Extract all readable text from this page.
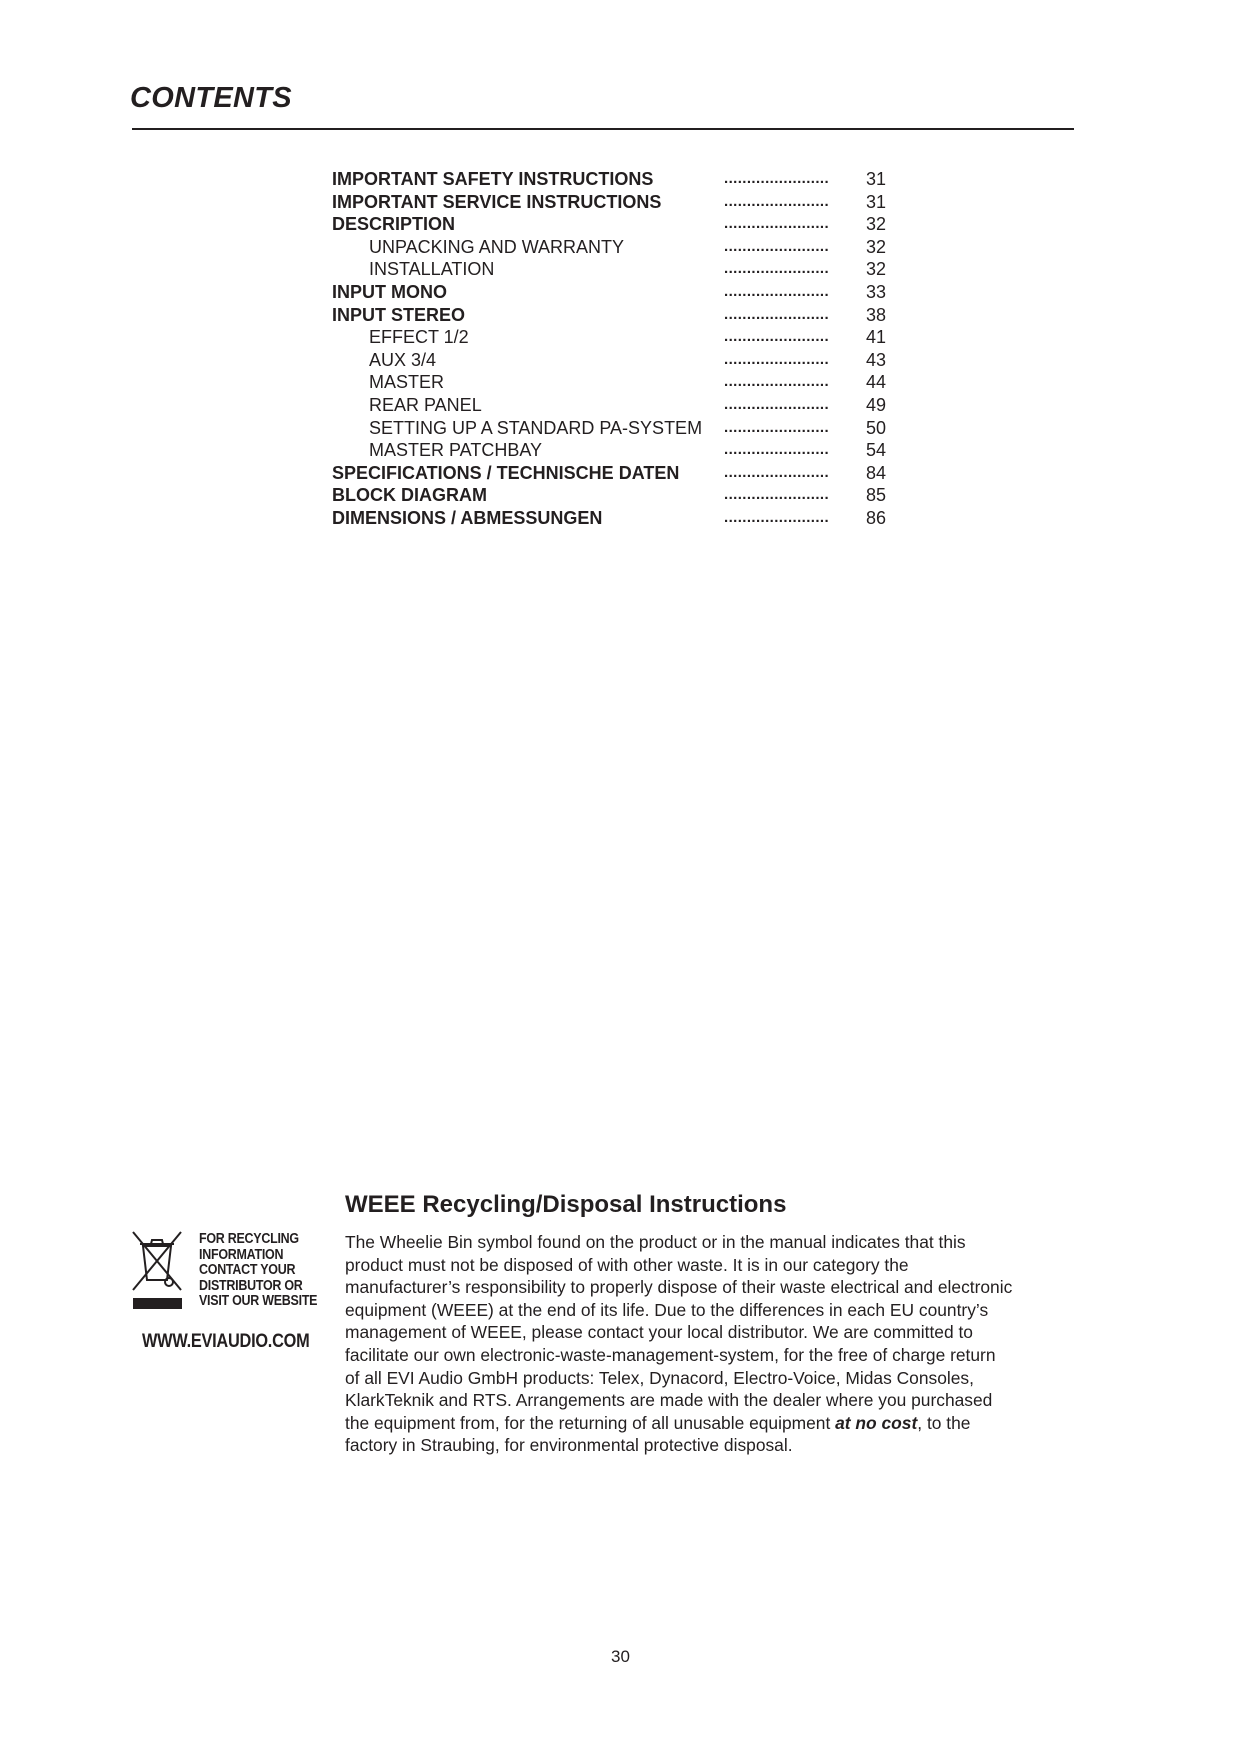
CONTENTS
IMPORTANT SAFETY INSTRUCTIONS	....................... 31
IMPORTANT SERVICE INSTRUCTIONS	....................... 31
DESCRIPTION	....................... 32
UNPACKING AND WARRANTY	....................... 32
INSTALLATION	....................... 32
INPUT MONO	....................... 33
INPUT STEREO	....................... 38
EFFECT 1/2	....................... 41
AUX 3/4	....................... 43
MASTER	....................... 44
REAR PANEL	....................... 49
SETTING UP A STANDARD PA-SYSTEM ....................... 50
MASTER PATCHBAY	....................... 54
SPECIFICATIONS / TECHNISCHE DATEN	....................... 84
BLOCK DIAGRAM	....................... 85
DIMENSIONS / ABMESSUNGEN	....................... 86
FOR RECYCLING
INFORMATION
CONTACT YOUR
DISTRIBUTOR OR
VISIT OUR WEBSITE
WWW.EVIAUDIO.COM
WEEE Recycling/Disposal Instructions
The Wheelie Bin symbol found on the product or in the manual indicates that this
product must not be disposed of with other waste. It is in our category the
manufacturer’s responsibility to properly dispose of their waste electrical and electronic
equipment (WEEE) at the end of its life. Due to the differences in each EU country’s
management of WEEE, please contact your local distributor. We are committed to
facilitate our own electronic-waste-management-system, for the free of charge return
of all EVI Audio GmbH products: Telex, Dynacord, Electro-Voice, Midas Consoles,
KlarkTeknik and RTS. Arrangements are made with the dealer where you purchased
the equipment from, for the returning of all unusable equipment at no cost, to the
factory in Straubing, for environmental protective disposal.
30
